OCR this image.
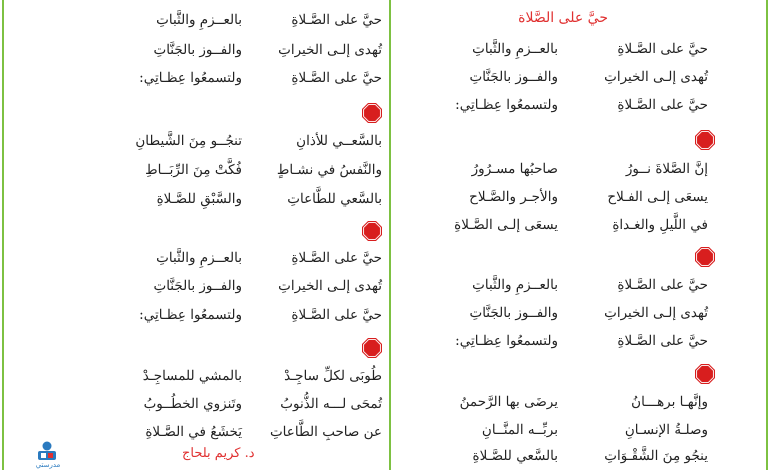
حيَّ على الصَّلاة
حيَّ على الصَّـلاةِ
بالعــزمِ والثَّباتِ
تُهدى إلـى الخيراتِ
والفــوز بالجَنَّاتِ
حيَّ على الصَّـلاةِ
ولتسمعُوا عِظـاتِي:
إنَّ الصَّلاةَ نــورُ
صاحبُها مسـرُورُ
يسعَى إلـى الفـلاح
والأجـر والصَّـلاح
في اللَّيلِ والغـداةِ
يسعَى إلـى الصَّـلاةِ
حيَّ على الصَّـلاةِ
بالعــزمِ والثَّباتِ
تُهدى إلـى الخيراتِ
والفــوز بالجَنَّاتِ
حيَّ على الصَّـلاةِ
ولتسمعُوا عِظـاتِي:
وإنَّهـا برهـــانُ
يرضَى بها الرَّحمنُ
وصلـةُ الإنسـانِ
بربِّــه المنَّــانِ
ينجُو مِنَ الشَّقْـوَاتِ
بالسَّعي للصَّـلاةِ
حيَّ على الصَّـلاةِ
بالعــزمِ والثَّباتِ
تُهدى إلـى الخيراتِ
والفــوز بالجَنَّاتِ
حيَّ على الصَّـلاةِ
ولتسمعُوا عِظـاتِي:
بالسَّعــي للأذانِ
تنجُــو مِنَ الشَّيطانِ
والنَّفسُ في نشـاطٍ
فُكَّتْ مِنَ الرِّبَــاطِ
بالسَّعي للطَّاعاتِ
والسَّبْقِ للصَّـلاةِ
حيَّ على الصَّـلاةِ
بالعــزمِ والثَّباتِ
تُهدى إلـى الخيراتِ
والفــوز بالجَنَّاتِ
حيَّ على الصَّـلاةِ
ولتسمعُوا عِظـاتِي:
طُوبَى لكلِّ ساجِـدْ
بالمشي للمساجِـدْ
تُمحَى لـــه الذُّنوبُ
وتَنزوي الخطُــوبُ
عن صاحبِ الطَّاعاتِ
يَخشَعُ في الصَّـلاةِ
د. كريم بلحاج
مدرستي
